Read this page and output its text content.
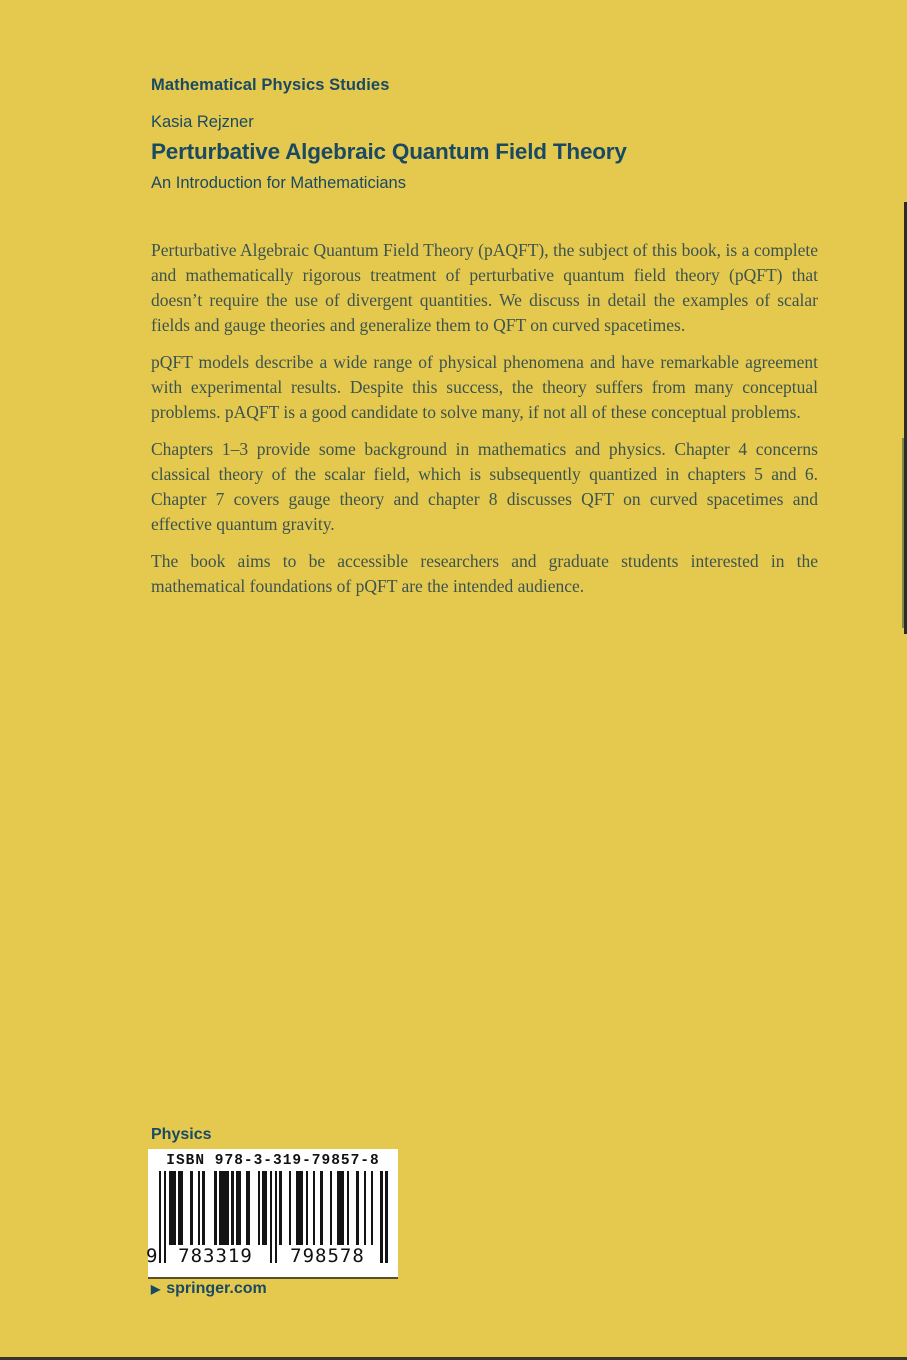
Mathematical Physics Studies
Kasia Rejzner
Perturbative Algebraic Quantum Field Theory
An Introduction for Mathematicians

Perturbative Algebraic Quantum Field Theory (pAQFT), the subject of this book, is a complete and mathematically rigorous treatment of perturbative quantum field theory (pQFT) that doesn’t require the use of divergent quantities. We discuss in detail the examples of scalar fields and gauge theories and generalize them to QFT on curved spacetimes.

pQFT models describe a wide range of physical phenomena and have remarkable agreement with experimental results. Despite this success, the theory suffers from many conceptual problems. pAQFT is a good candidate to solve many, if not all of these conceptual problems.

Chapters 1–3 provide some background in mathematics and physics. Chapter 4 concerns classical theory of the scalar field, which is subsequently quantized in chapters 5 and 6. Chapter 7 covers gauge theory and chapter 8 discusses QFT on curved spacetimes and effective quantum gravity.

The book aims to be accessible researchers and graduate students interested in the mathematical foundations of pQFT are the intended audience.

Physics
ISBN 978-3-319-79857-8
9	783319	798578
▶ springer.com
